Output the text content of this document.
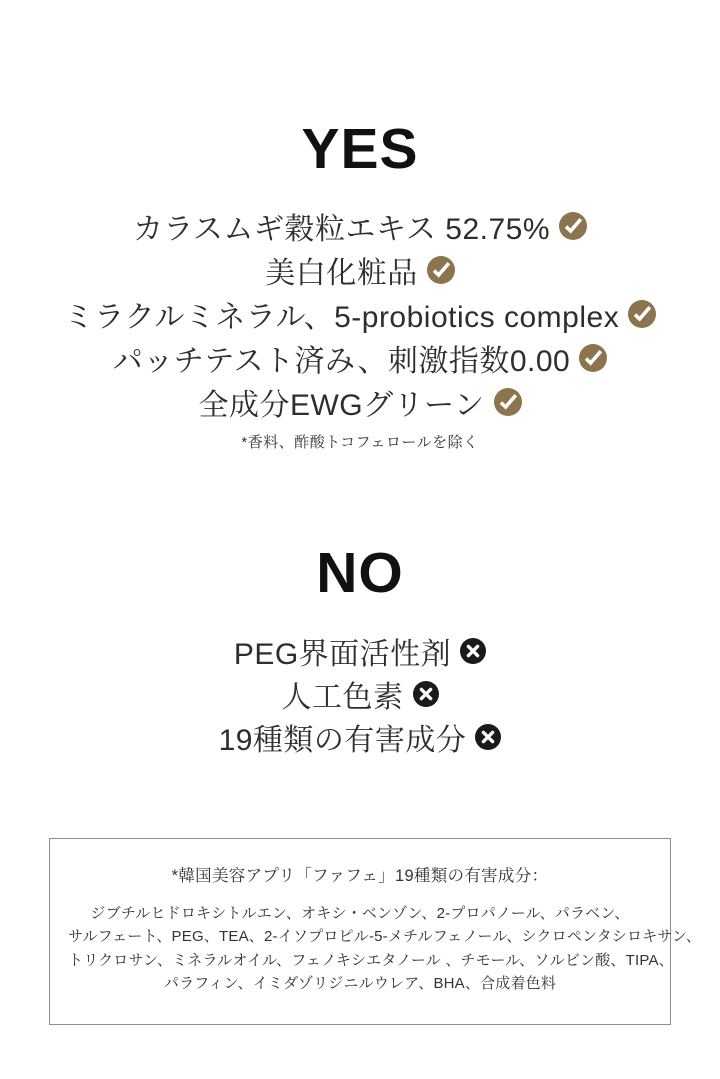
YES
カラスムギ穀粒エキス 52.75%
美白化粧品
ミラクルミネラル、5-probiotics complex
パッチテスト済み、刺激指数0.00
全成分EWGグリーン
*香料、酢酸トコフェロールを除く
NO
PEG界面活性剤
人工色素
19種類の有害成分
*韓国美容アプリ「ファフェ」19種類の有害成分：
ジブチルヒドロキシトルエン、オキシ・ベンゾン、2-プロパノール、パラベン、
サルフェート、PEG、TEA、2-イソプロピル-5-メチルフェノール、シクロペンタシロキサン、
トリクロサン、ミネラルオイル、フェノキシエタノール 、チモール、ソルビン酸、TIPA、
パラフィン、イミダゾリジニルウレア、BHA、合成着色料
